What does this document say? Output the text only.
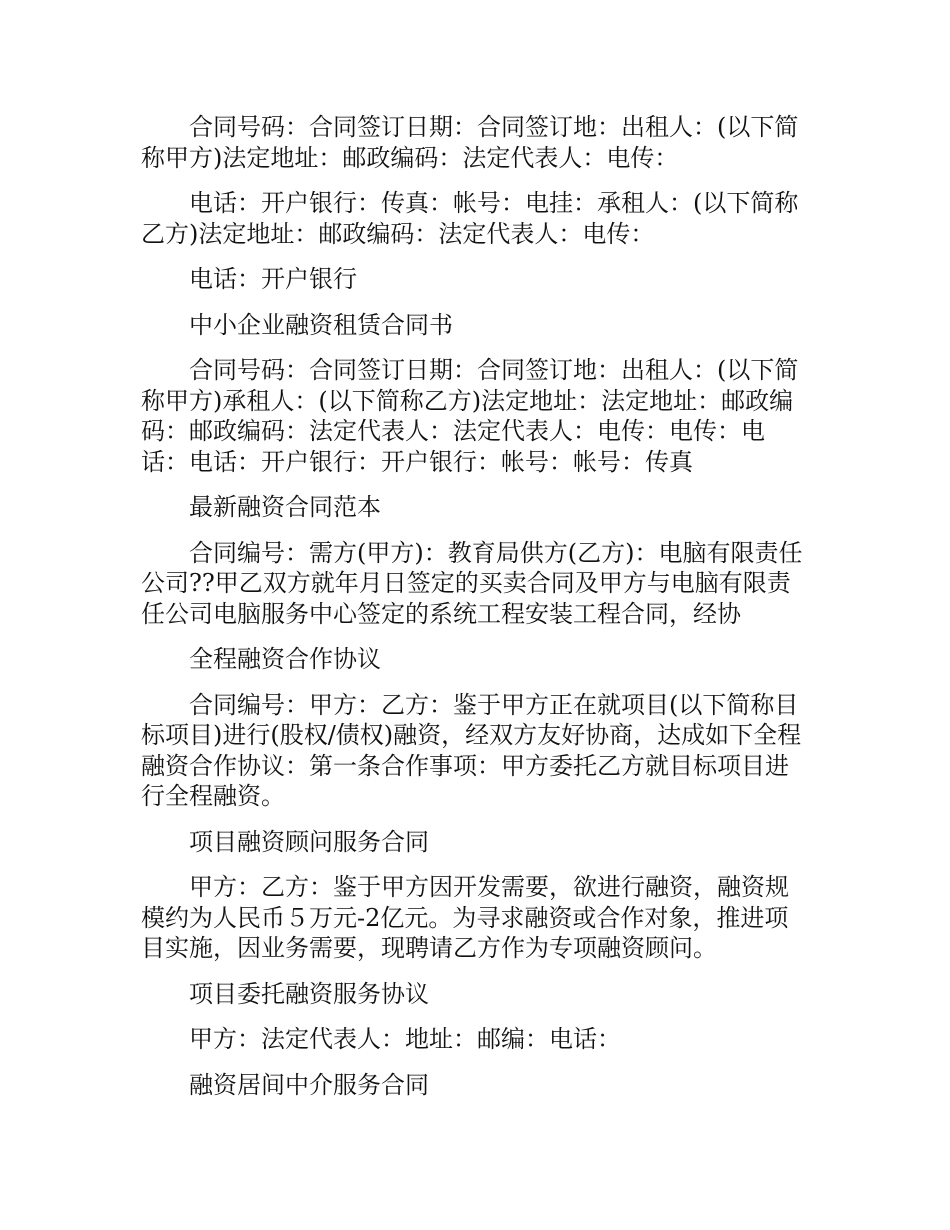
合同号码：合同签订日期：合同签订地：出租人：(以下简称甲方)法定地址：邮政编码：法定代表人：电传：

电话：开户银行：传真：帐号：电挂：承租人：(以下简称乙方)法定地址：邮政编码：法定代表人：电传：

电话：开户银行

中小企业融资租赁合同书

合同号码：合同签订日期：合同签订地：出租人：(以下简称甲方)承租人：(以下简称乙方)法定地址：法定地址：邮政编码：邮政编码：法定代表人：法定代表人：电传：电传：电话：电话：开户银行：开户银行：帐号：帐号：传真

最新融资合同范本

合同编号：需方(甲方)：教育局供方(乙方)：电脑有限责任公司??甲乙双方就年月日签定的买卖合同及甲方与电脑有限责任公司电脑服务中心签定的系统工程安装工程合同，经协

全程融资合作协议

合同编号：甲方：乙方：鉴于甲方正在就项目(以下简称目标项目)进行(股权/债权)融资，经双方友好协商，达成如下全程融资合作协议：第一条合作事项：甲方委托乙方就目标项目进行全程融资。

项目融资顾问服务合同

甲方：乙方：鉴于甲方因开发需要，欲进行融资，融资规模约为人民币５万元-2亿元。为寻求融资或合作对象，推进项目实施，因业务需要，现聘请乙方作为专项融资顾问。

项目委托融资服务协议

甲方：法定代表人：地址：邮编：电话：

融资居间中介服务合同
